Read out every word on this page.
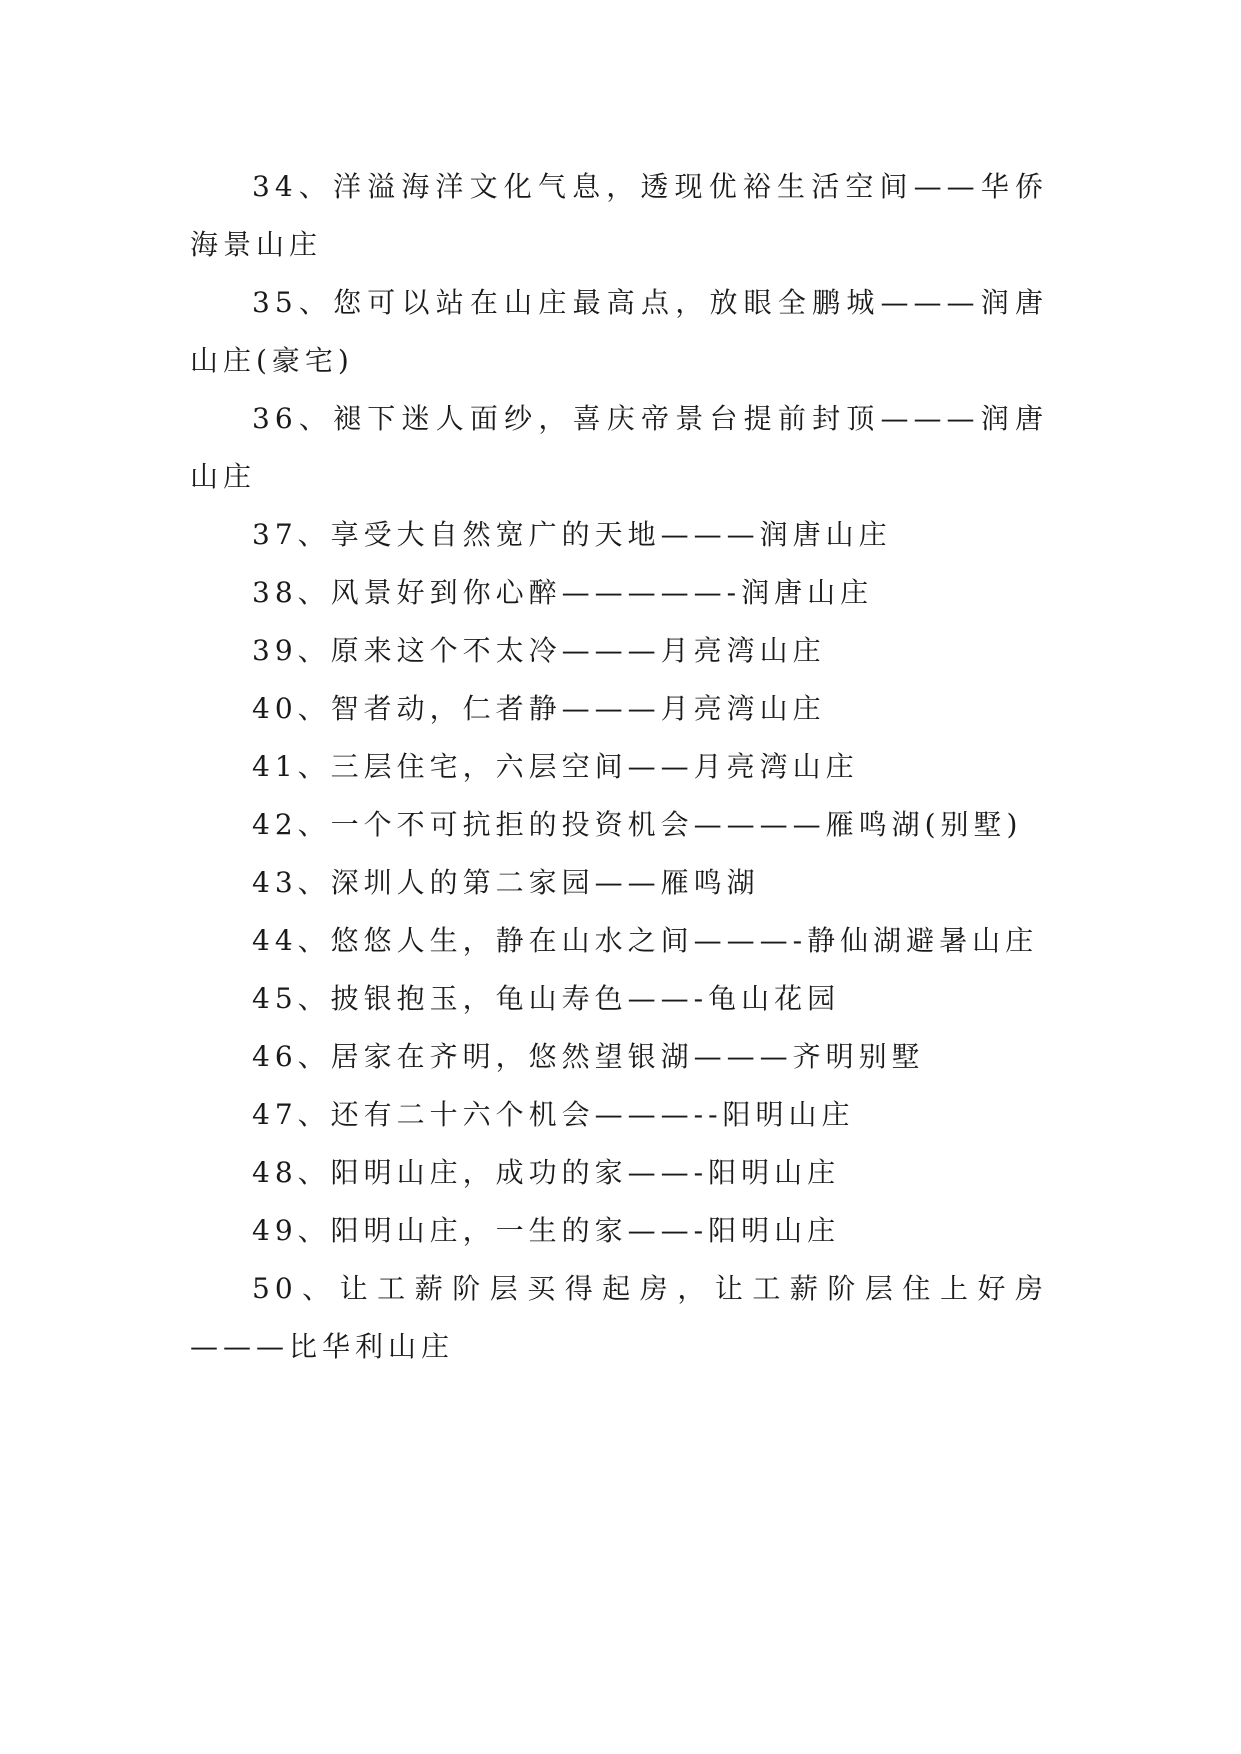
34、洋溢海洋文化气息，透现优裕生活空间——华侨海景山庄

35、您可以站在山庄最高点，放眼全鹏城———润唐山庄(豪宅)

36、褪下迷人面纱，喜庆帝景台提前封顶———润唐山庄

37、享受大自然宽广的天地———润唐山庄

38、风景好到你心醉—————-润唐山庄

39、原来这个不太冷———月亮湾山庄

40、智者动，仁者静———月亮湾山庄

41、三层住宅，六层空间——月亮湾山庄

42、一个不可抗拒的投资机会————雁鸣湖(别墅)

43、深圳人的第二家园——雁鸣湖

44、悠悠人生，静在山水之间———-静仙湖避暑山庄

45、披银抱玉，龟山寿色——-龟山花园

46、居家在齐明，悠然望银湖———齐明别墅

47、还有二十六个机会———--阳明山庄

48、阳明山庄，成功的家——-阳明山庄

49、阳明山庄，一生的家——-阳明山庄

50、让工薪阶层买得起房，让工薪阶层住上好房———比华利山庄
